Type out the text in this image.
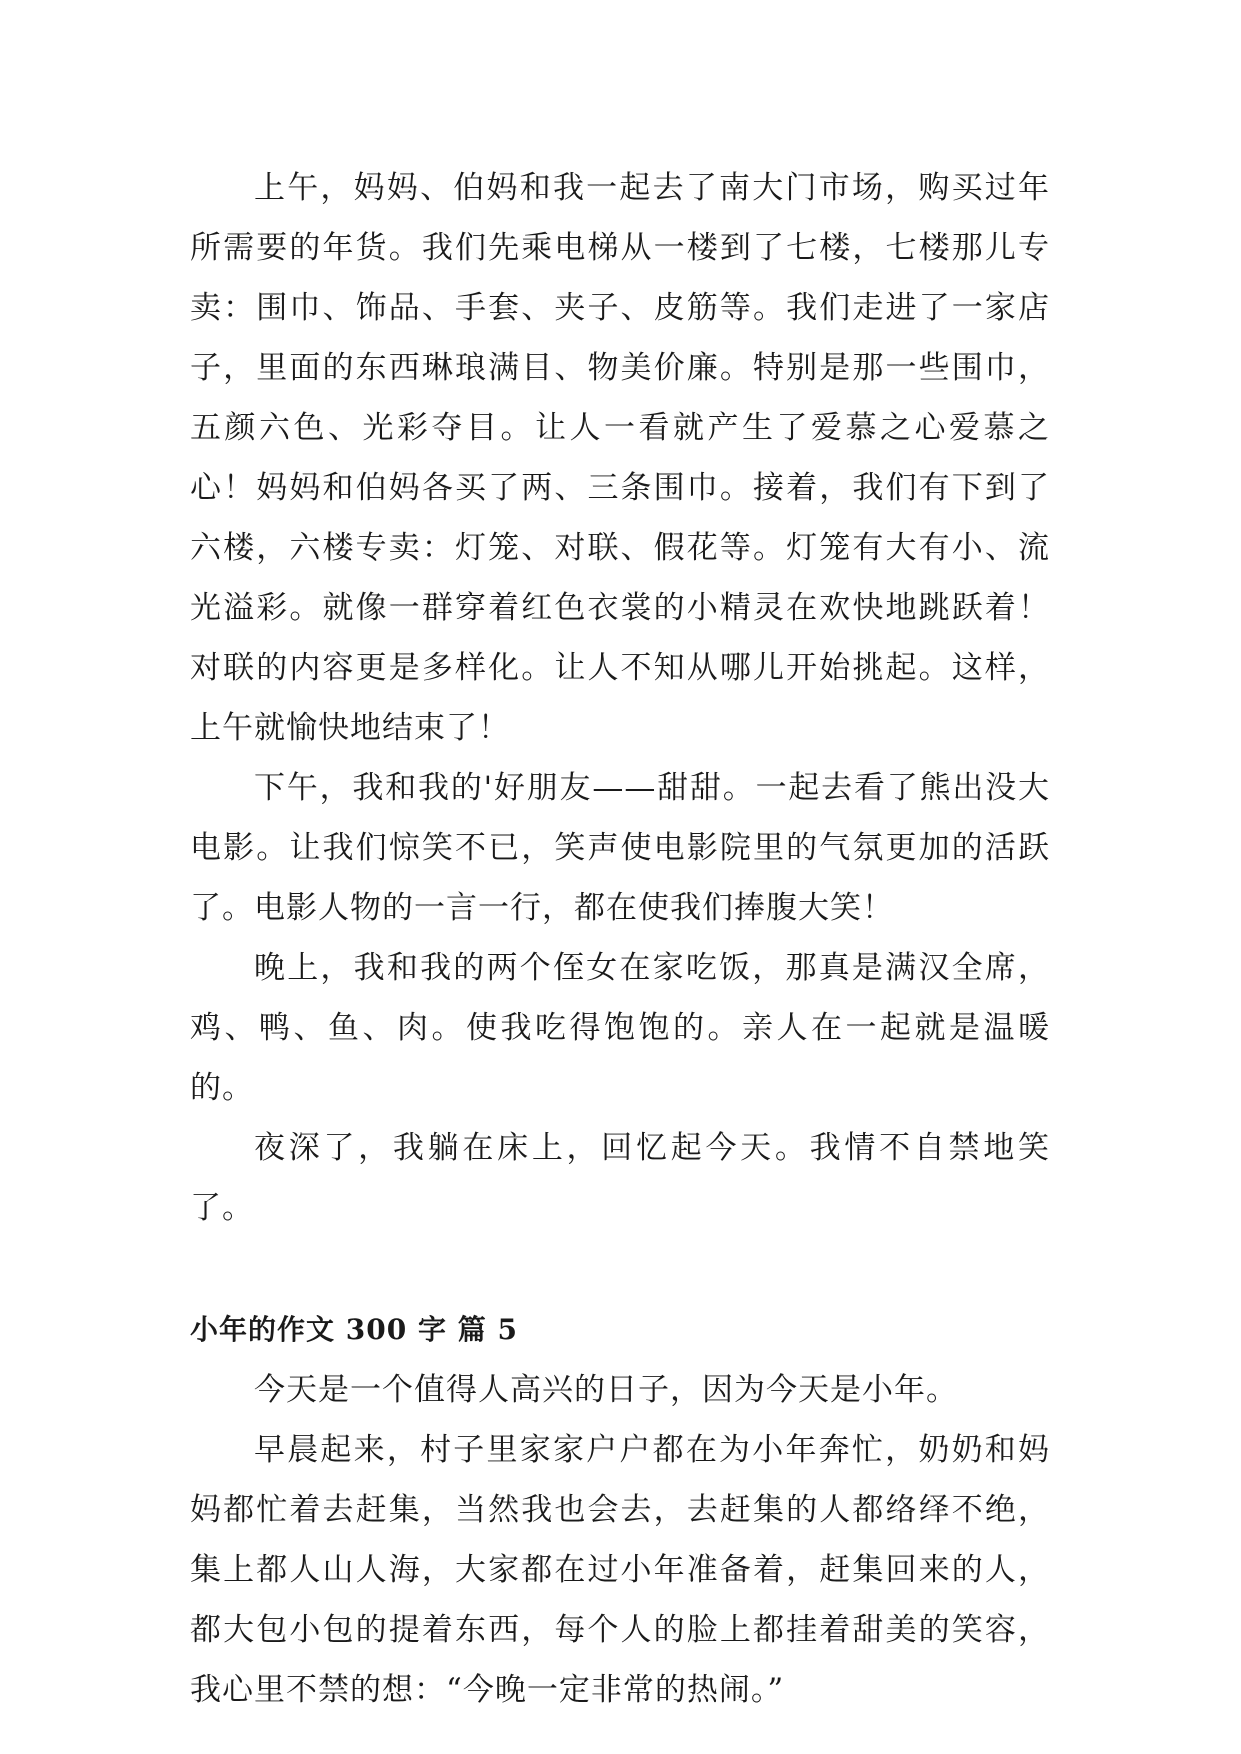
上午，妈妈、伯妈和我一起去了南大门市场，购买过年所需要的年货。我们先乘电梯从一楼到了七楼，七楼那儿专卖：围巾、饰品、手套、夹子、皮筋等。我们走进了一家店子，里面的东西琳琅满目、物美价廉。特别是那一些围巾，五颜六色、光彩夺目。让人一看就产生了爱慕之心爱慕之心！妈妈和伯妈各买了两、三条围巾。接着，我们有下到了六楼，六楼专卖：灯笼、对联、假花等。灯笼有大有小、流光溢彩。就像一群穿着红色衣裳的小精灵在欢快地跳跃着！对联的内容更是多样化。让人不知从哪儿开始挑起。这样，上午就愉快地结束了！

下午，我和我的'好朋友——甜甜。一起去看了熊出没大电影。让我们惊笑不已，笑声使电影院里的气氛更加的活跃了。电影人物的一言一行，都在使我们捧腹大笑！

晚上，我和我的两个侄女在家吃饭，那真是满汉全席，鸡、鸭、鱼、肉。使我吃得饱饱的。亲人在一起就是温暖的。

夜深了，我躺在床上，回忆起今天。我情不自禁地笑了。

小年的作文 300 字 篇 5

今天是一个值得人高兴的日子，因为今天是小年。

早晨起来，村子里家家户户都在为小年奔忙，奶奶和妈妈都忙着去赶集，当然我也会去，去赶集的人都络绎不绝，集上都人山人海，大家都在过小年准备着，赶集回来的人，都大包小包的提着东西，每个人的脸上都挂着甜美的笑容，我心里不禁的想：“今晚一定非常的热闹。”
